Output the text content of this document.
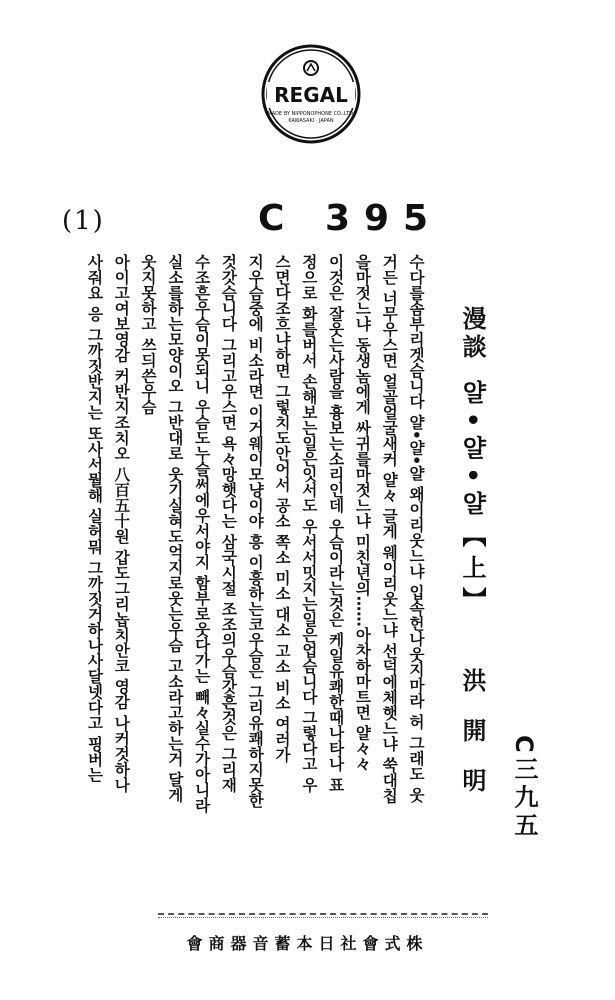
REGAL
MADE BY NIPPONOPHONE CO.,LTD.
KAWASAKI · JAPAN
(1)	C 395
C三九五
漫談
얄•얄•얄【上】
洪開明

수다를솜부리겟슴니다 얄•얄•얄 왜이리웃느냐 입속헌나웃지마라 허 그래도 웃

거든 너무우스면 얼골얼굴새커 얄々 글게 웨이리웃느냐 선덕에체햇느냐 쑥대칩

을마젓느냐 동생놈에게 싸귀를마젓느냐 미친년의……아차하마트면 얄々々

이것은 잘웃는사람을 흉보는소리인데 우슴이라는것은 케일유쾌한때나타나 표

정으로 화를버서 손해보는일은잇서도 우서서밋지는일은업슴니다 그렇다고 우

스면다조흐냐하면 그렇치도안어서 공소 쪽소 미소 대소 고소 비소 여러가

지우슴중에 비소라면 이거웨이모냥이야 흥 이흥하는코우슴은 그리유쾌하지못한

것갓슴니다 그리고우스면 욕々망햇다는 삼국시절 조조의우슴갓흔것은 그리재

수조흔우슴이못되니 우슴도누슬써에우서야지 함부로웃다가는 빼々실수가아니라

실소를하는모양이오 그반대로 웃기실혀도억지로웃는우슴 고소라고하는거 달게

웃지못하고 쓰듸쓴우슴

아이고여보영감 커반지조치오 八百五十원 갑도그리놉치안코 영감 나커것하나

사줘요 응 그까짓반지는 또사서뭘해 실허뭐 그까짓거하나사달넷다고 핑버는

會商器音蓄本日社會式株
